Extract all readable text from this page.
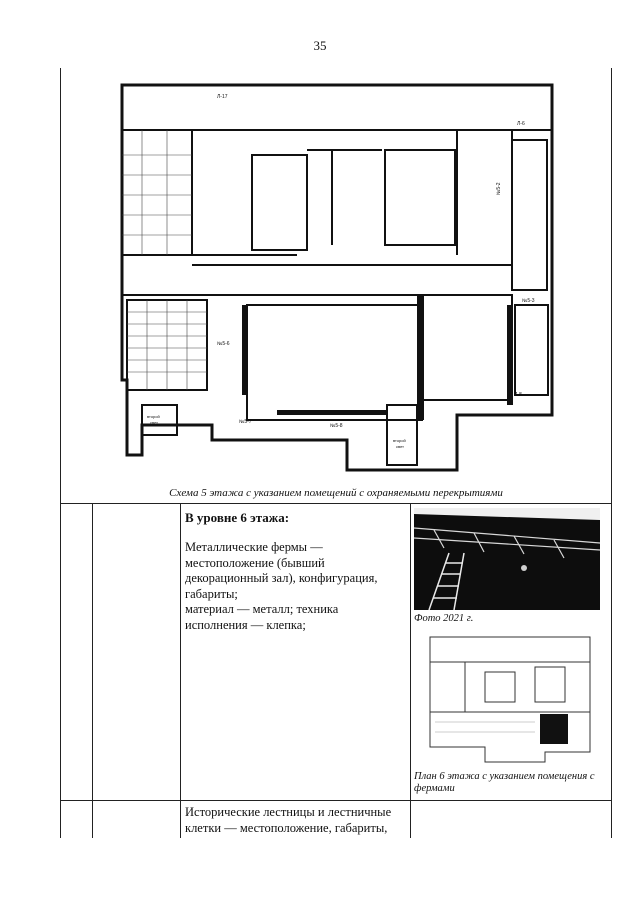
35
Л-17
Л-6
№5-2
№5-3
№5-6
№5-7
№5-8
Л-8
второй
свет
второй
свет
Схема 5 этажа с указанием помещений с охраняемыми перекрытиями
В уровне 6 этажа:

Металлические фермы —

местоположение (бывший

декорационный зал), конфигурация,

габариты;

материал — металл; техника

исполнения — клепка;	Фото 2021 г.
План 6 этажа с указанием помещения с фермами
Исторические лестницы и лестничные клетки — местоположение, габариты,
